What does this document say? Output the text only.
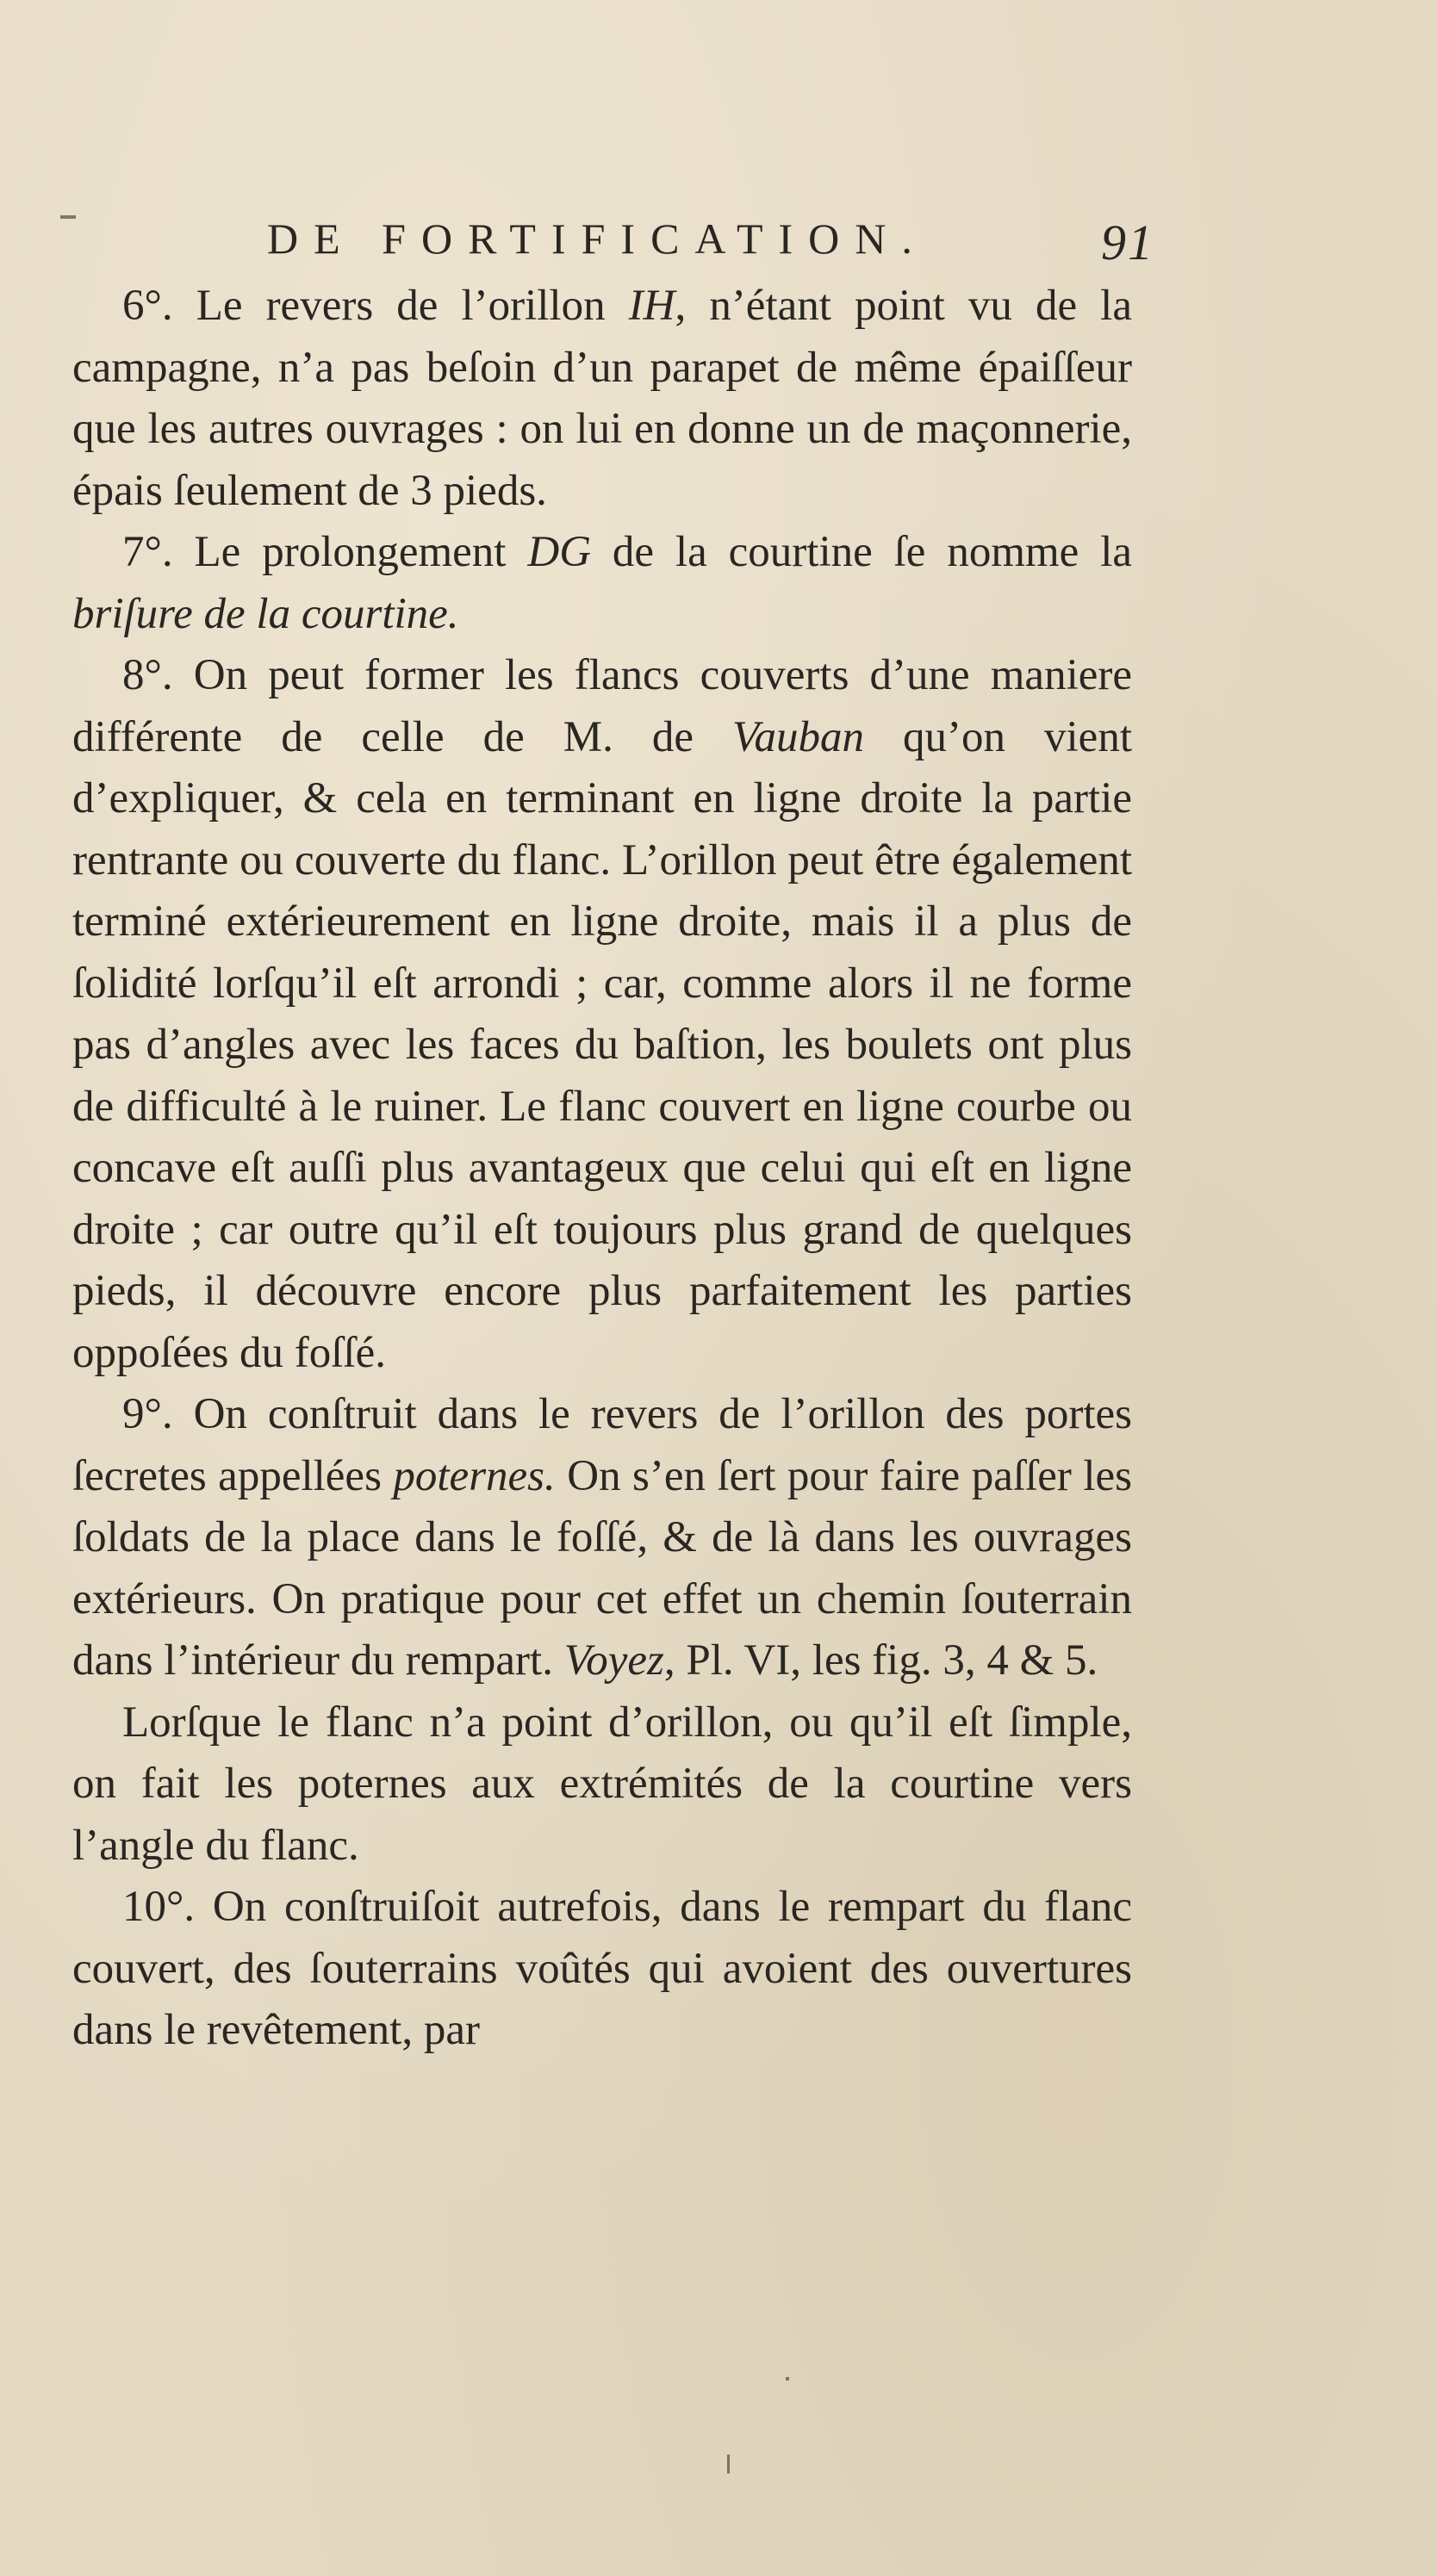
DE FORTIFICATION.	91

6°. Le revers de l’orillon IH, n’étant point vu de la campagne, n’a pas beſoin d’un parapet de même épaiſſeur que les autres ouvrages : on lui en donne un de maçonnerie, épais ſeulement de 3 pieds.

7°. Le prolongement DG de la courtine ſe nomme la briſure de la courtine.

8°. On peut former les flancs couverts d’une maniere différente de celle de M. de Vauban qu’on vient d’expliquer, & cela en terminant en ligne droite la partie rentrante ou couverte du flanc. L’orillon peut être également terminé extérieurement en ligne droite, mais il a plus de ſolidité lorſqu’il eſt arrondi ; car, comme alors il ne forme pas d’angles avec les faces du baſtion, les boulets ont plus de difficulté à le ruiner. Le flanc couvert en ligne courbe ou concave eſt auſſi plus avantageux que celui qui eſt en ligne droite ; car outre qu’il eſt toujours plus grand de quelques pieds, il découvre encore plus parfaitement les parties oppoſées du foſſé.

9°. On conſtruit dans le revers de l’orillon des portes ſecretes appellées poternes. On s’en ſert pour faire paſſer les ſoldats de la place dans le foſſé, & de là dans les ouvrages extérieurs. On pratique pour cet effet un chemin ſouterrain dans l’intérieur du rempart. Voyez, Pl. VI, les fig. 3, 4 & 5.

Lorſque le flanc n’a point d’orillon, ou qu’il eſt ſimple, on fait les poternes aux extrémités de la courtine vers l’angle du flanc.

10°. On conſtruiſoit autrefois, dans le rempart du flanc couvert, des ſouterrains voûtés qui avoient des ouvertures dans le revêtement, par
